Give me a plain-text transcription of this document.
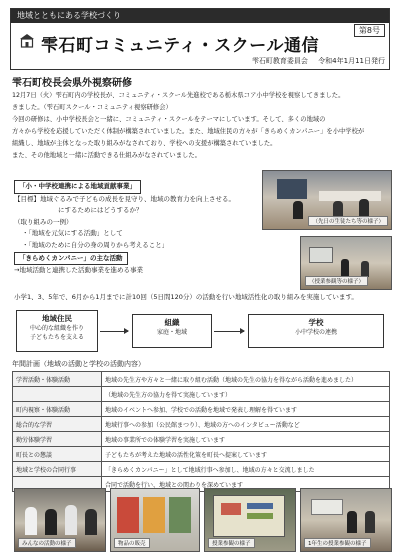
地域とともにある学校づくり
第8号
雫石町コミュニティ・スクール通信
雫石町教育委員会 令和4年1月11日発行
雫石町校長会県外視察研修
12月7日（火）雫石町内の学校長が、コミュニティ・スクール先進校である栃木県コア小中学校を視察してきました。
きました。（雫石町スクール・コミュニティ視察研修会）
今回の研修は、小中学校長会と一緒に、コミュニティ・スクールをテーマにしています。そして、多くの地域の
方々から学校を応援していただく体制が構築されていました。また、地域住民の方々が「きらめくカンパニー」を小中学校が
組織し、地域が主体となった取り組みがなされており、学校への支援が構築されていました。
また、その他地域と一緒に活動できる仕組みがなされていました。
「小・中学校連携による地域貢献事業」
【目標】地域ぐるみで子どもの成長を見守り、地域の教育力を向上させる。
にするためにはどうするか？
（取り組みの一例）
・「地域を元気にする活動」として
・「地域のために自分の身の周りから考えること」
「きらめくカンパニー」の主な活動
→地域活動と連携した活動事業を進める事業
小学1、3、5年で、6月から1月までに計10回（5日間120分）の活動を行い地域活性化の取り組みを実施しています。
（先日の生徒たち等の様子）
（授業参観等の様子）
地域住民
中心的な組織を作り
子どもたちを支える
組織
家庭・地域
学校
小中学校の連携
年間計画（地域の活動と学校の活動内容）
学習活動・体験活動	地域の先生方や方々と一緒に取り組む活動（地域の先生の協力を得ながら活動を進めました）
	（地域の先生方の協力を得て実施しています）
町内視察・体験活動	地域のイベントへ参加、学校での活動を地域で発表し理解を得ています
総合的な学習	地域行事への参加（公民館まつり）、地域の方へのインタビュー活動など
勤労体験学習	地域の事業所での体験学習を実施しています
町長との懇談	子どもたちが考えた地域の活性化策を町長へ提案しています
地域と学校の合同行事	「きらめくカンパニー」として地域行事へ参加し、地域の方々と交流しました
	合同で活動を行い、地域との関わりを深めています
みんなの活動の様子	物品の販売	授業参観の様子	1年生の授業参観の様子
